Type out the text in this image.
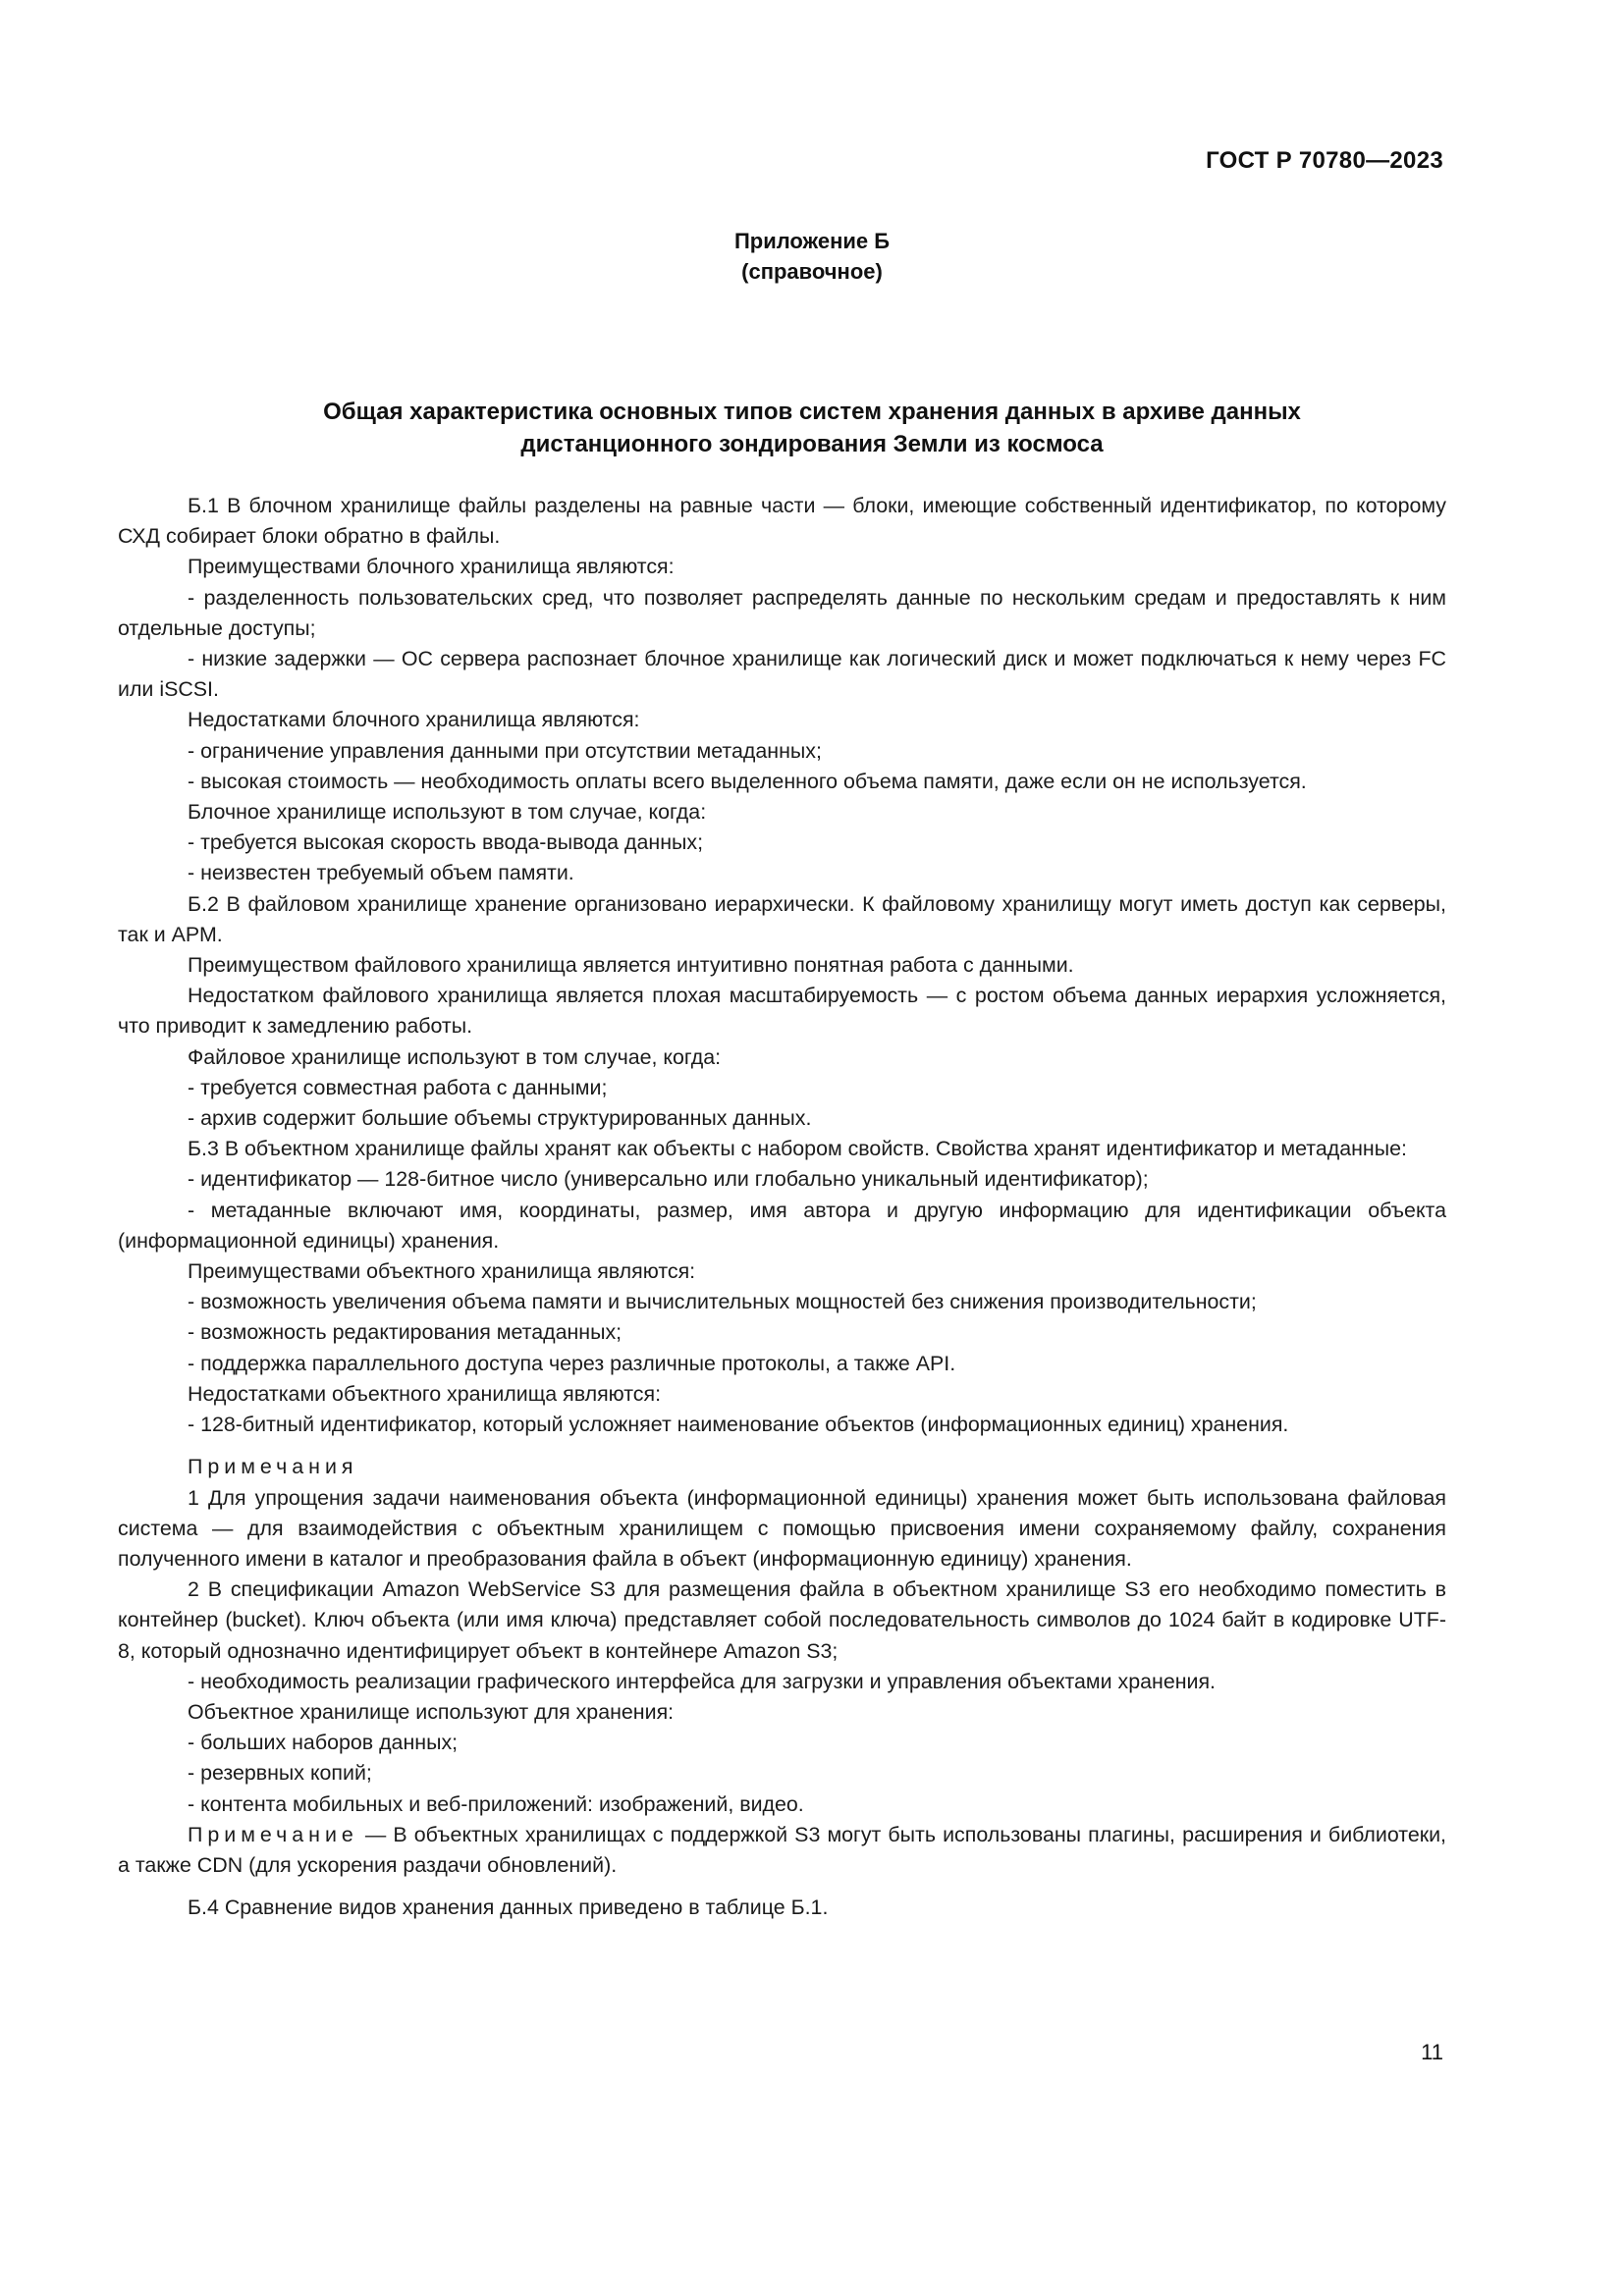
ГОСТ Р 70780—2023
Приложение Б
(справочное)
Общая характеристика основных типов систем хранения данных в архиве данных
дистанционного зондирования Земли из космоса

Б.1 В блочном хранилище файлы разделены на равные части — блоки, имеющие собственный идентификатор, по которому СХД собирает блоки обратно в файлы.

Преимуществами блочного хранилища являются:

- разделенность пользовательских сред, что позволяет распределять данные по нескольким средам и предоставлять к ним отдельные доступы;

- низкие задержки — ОС сервера распознает блочное хранилище как логический диск и может подключаться к нему через FC или iSCSI.

Недостатками блочного хранилища являются:

- ограничение управления данными при отсутствии метаданных;

- высокая стоимость — необходимость оплаты всего выделенного объема памяти, даже если он не используется.

Блочное хранилище используют в том случае, когда:

- требуется высокая скорость ввода-вывода данных;

- неизвестен требуемый объем памяти.

Б.2 В файловом хранилище хранение организовано иерархически. К файловому хранилищу могут иметь доступ как серверы, так и АРМ.

Преимуществом файлового хранилища является интуитивно понятная работа с данными.

Недостатком файлового хранилища является плохая масштабируемость — с ростом объема данных иерархия усложняется, что приводит к замедлению работы.

Файловое хранилище используют в том случае, когда:

- требуется совместная работа с данными;

- архив содержит большие объемы структурированных данных.

Б.3 В объектном хранилище файлы хранят как объекты с набором свойств. Свойства хранят идентификатор и метаданные:

- идентификатор — 128-битное число (универсально или глобально уникальный идентификатор);

- метаданные включают имя, координаты, размер, имя автора и другую информацию для идентификации объекта (информационной единицы) хранения.

Преимуществами объектного хранилища являются:

- возможность увеличения объема памяти и вычислительных мощностей без снижения производительности;

- возможность редактирования метаданных;

- поддержка параллельного доступа через различные протоколы, а также API.

Недостатками объектного хранилища являются:

- 128-битный идентификатор, который усложняет наименование объектов (информационных единиц) хранения.

Примечания

1 Для упрощения задачи наименования объекта (информационной единицы) хранения может быть использована файловая система — для взаимодействия с объектным хранилищем с помощью присвоения имени сохраняемому файлу, сохранения полученного имени в каталог и преобразования файла в объект (информационную единицу) хранения.

2 В спецификации Amazon WebService S3 для размещения файла в объектном хранилище S3 его необходимо поместить в контейнер (bucket). Ключ объекта (или имя ключа) представляет собой последовательность символов до 1024 байт в кодировке UTF-8, который однозначно идентифицирует объект в контейнере Amazon S3;

- необходимость реализации графического интерфейса для загрузки и управления объектами хранения.

Объектное хранилище используют для хранения:

- больших наборов данных;

- резервных копий;

- контента мобильных и веб-приложений: изображений, видео.

Примечание — В объектных хранилищах с поддержкой S3 могут быть использованы плагины, расширения и библиотеки, а также CDN (для ускорения раздачи обновлений).

Б.4 Сравнение видов хранения данных приведено в таблице Б.1.

11
